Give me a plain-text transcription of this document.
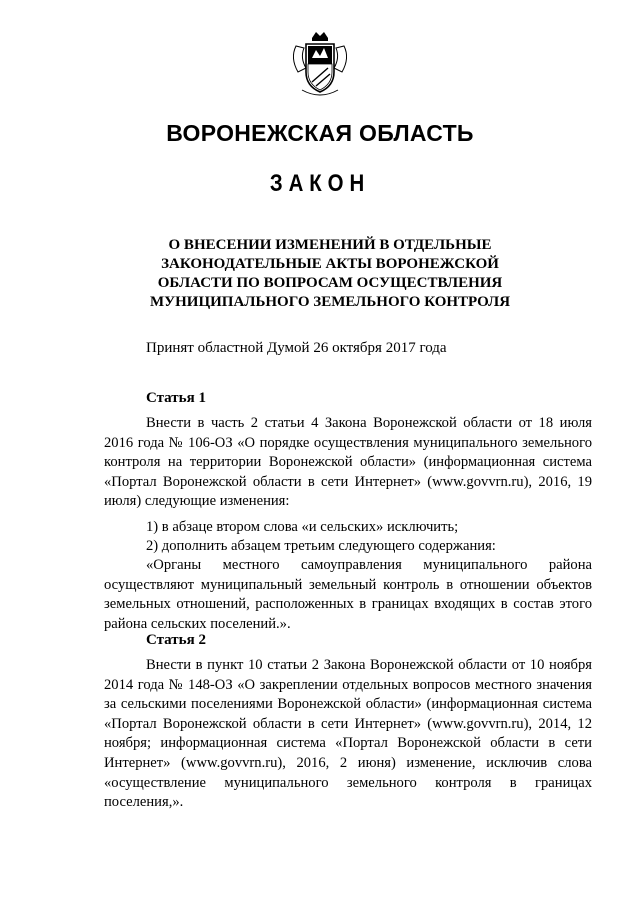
ВОРОНЕЖСКАЯ ОБЛАСТЬ
ЗАКОН
О ВНЕСЕНИИ ИЗМЕНЕНИЙ В ОТДЕЛЬНЫЕ
ЗАКОНОДАТЕЛЬНЫЕ АКТЫ ВОРОНЕЖСКОЙ
ОБЛАСТИ ПО ВОПРОСАМ ОСУЩЕСТВЛЕНИЯ
МУНИЦИПАЛЬНОГО ЗЕМЕЛЬНОГО КОНТРОЛЯ
Принят областной Думой 26 октября 2017 года
Статья 1

Внести в часть 2 статьи 4 Закона Воронежской области от 18 июля 2016 года № 106-ОЗ «О порядке осуществления муниципального земельного контроля на территории Воронежской области» (информационная система «Портал Воронежской области в сети Интернет» (www.govvrn.ru), 2016, 19 июля) следующие изменения:

1) в абзаце втором слова «и сельских» исключить;

2) дополнить абзацем третьим следующего содержания:

«Органы местного самоуправления муниципального района осуществляют муниципальный земельный контроль в отношении объектов земельных отношений, расположенных в границах входящих в состав этого района сельских поселений.».

Статья 2

Внести в пункт 10 статьи 2 Закона Воронежской области от 10 ноября 2014 года № 148-ОЗ «О закреплении отдельных вопросов местного значения за сельскими поселениями Воронежской области» (информационная система «Портал Воронежской области в сети Интернет» (www.govvrn.ru), 2014, 12 ноября; информационная система «Портал Воронежской области в сети Интернет» (www.govvrn.ru), 2016, 2 июня) изменение, исключив слова «осуществление муниципального земельного контроля в границах поселения,».
